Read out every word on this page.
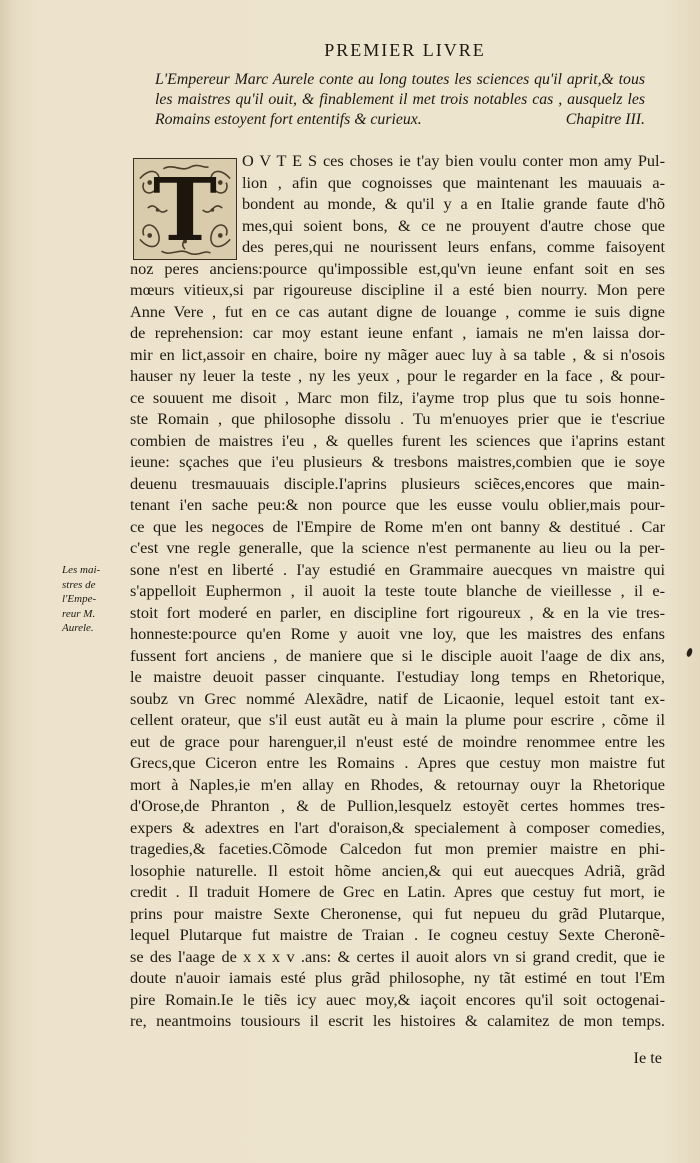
PREMIER LIVRE
L'Empereur Marc Aurele conte au long toutes les sciences qu'il aprit,& tous
les maistres qu'il ouit, & finablement il met trois notables cas , ausquelz les
Romains estoyent fort ententifs & curieux.	Chapitre III.
T	O V T E S ces choses ie t'ay bien voulu conter mon amy Pul-
lion , afin que cognoisses que maintenant les mauuais a-
bondent au monde, & qu'il y a en Italie grande faute d'hõ
mes,qui soient bons, & ce ne prouyent d'autre chose que
des peres,qui ne nourissent leurs enfans, comme faisoyent
noz peres anciens:pource qu'impossible est,qu'vn ieune enfant soit en ses
mœurs vitieux,si par rigoureuse discipline il a esté bien nourry. Mon pere
Anne Vere , fut en ce cas autant digne de louange , comme ie suis digne
de reprehension: car moy estant ieune enfant , iamais ne m'en laissa dor-
mir en lict,assoir en chaire, boire ny mãger auec luy à sa table , & si n'osois
hauser ny leuer la teste , ny les yeux , pour le regarder en la face , & pour-
ce souuent me disoit , Marc mon filz, i'ayme trop plus que tu sois honne-
ste Romain , que philosophe dissolu . Tu m'enuoyes prier que ie t'escriue
combien de maistres i'eu , & quelles furent les sciences que i'aprins estant
ieune: sçaches que i'eu plusieurs & tresbons maistres,combien que ie soye
deuenu tresmauuais disciple.I'aprins plusieurs sciẽces,encores que main-
tenant i'en sache peu:& non pource que les eusse voulu oblier,mais pour-
ce que les negoces de l'Empire de Rome m'en ont banny & destitué . Car
c'est vne regle generalle, que la science n'est permanente au lieu ou la per-
sone n'est en liberté . I'ay estudié en Grammaire auecques vn maistre qui
s'appelloit Euphermon , il auoit la teste toute blanche de vieillesse , il e-
stoit fort moderé en parler, en discipline fort rigoureux , & en la vie tres-
honneste:pource qu'en Rome y auoit vne loy, que les maistres des enfans
fussent fort anciens , de maniere que si le disciple auoit l'aage de dix ans,
le maistre deuoit passer cinquante. I'estudiay long temps en Rhetorique,
soubz vn Grec nommé Alexãdre, natif de Licaonie, lequel estoit tant ex-
cellent orateur, que s'il eust autãt eu à main la plume pour escrire , cõme il
eut de grace pour harenguer,il n'eust esté de moindre renommee entre les
Grecs,que Ciceron entre les Romains . Apres que cestuy mon maistre fut
mort à Naples,ie m'en allay en Rhodes, & retournay ouyr la Rhetorique
d'Orose,de Phranton , & de Pullion,lesquelz estoyẽt certes hommes tres-
expers & adextres en l'art d'oraison,& specialement à composer comedies,
tragedies,& faceties.Cõmode Calcedon fut mon premier maistre en phi-
losophie naturelle. Il estoit hõme ancien,& qui eut auecques Adriã, grãd
credit . Il traduit Homere de Grec en Latin. Apres que cestuy fut mort, ie
prins pour maistre Sexte Cheronense, qui fut nepueu du grãd Plutarque,
lequel Plutarque fut maistre de Traian . Ie cogneu cestuy Sexte Cheronẽ-
se des l'aage de x x x v .ans: & certes il auoit alors vn si grand credit, que ie
doute n'auoir iamais esté plus grãd philosophe, ny tãt estimé en tout l'Em
pire Romain.Ie le tiẽs icy auec moy,& iaçoit encores qu'il soit octogenai-
re, neantmoins tousiours il escrit les histoires & calamitez de mon temps.
Les mai-
stres de
l'Empe-
reur M.
Aurele.
Ie te
